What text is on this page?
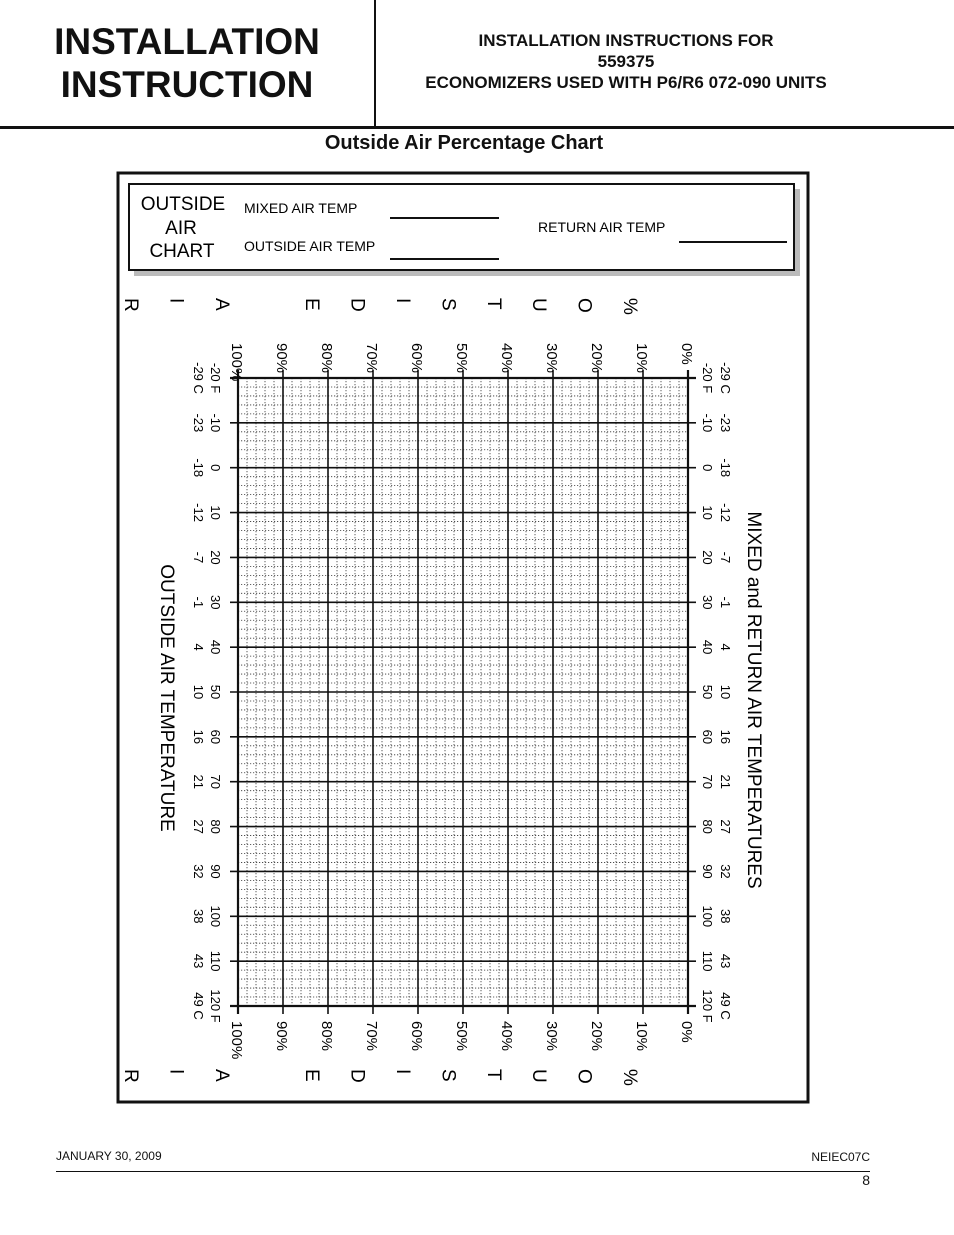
INSTALLATION
INSTRUCTION
INSTALLATION INSTRUCTIONS FOR
559375
ECONOMIZERS USED WITH P6/R6 072-090 UNITS
Outside Air Percentage Chart
OUTSIDE
AIR
CHART
MIXED AIR TEMP
OUTSIDE AIR TEMP
RETURN AIR TEMP
0%
0%
10%
10%
20%
20%
30%
30%
40%
40%
50%
50%
60%
60%
70%
70%
80%
80%
90%
90%
100%
100%
%
%
O
O
U
U
T
T
S
S
I
I
D
D
E
E
A
A
I
I
R
R
-20 F	-20 F
-10	-10
0	0
10	10
20	20
30	30
40	40
50	50
60	60
70	70
80	80
90	90
100	100
110	110
120 F	120 F
-29 C	-29 C
-23	-23
-18	-18
-12	-12
-7	-7
-1	-1
4	4
10	10
16	16
21	21
27	27
32	32
38	38
43	43
49 C	49 C
OUTSIDE AIR TEMPERATURE	MIXED and RETURN AIR TEMPERATURES
JANUARY 30, 2009	NEIEC07C
8
